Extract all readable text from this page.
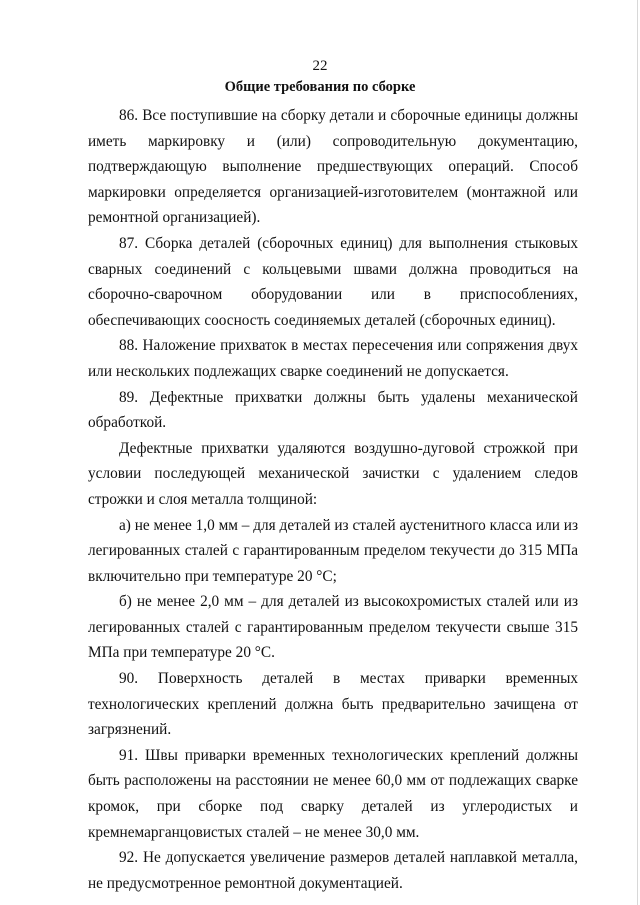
22
Общие требования по сборке

86. Все поступившие на сборку детали и сборочные единицы должны иметь маркировку и (или) сопроводительную документацию, подтверждающую выполнение предшествующих операций. Способ маркировки определяется организацией-изготовителем (монтажной или ремонтной организацией).

87. Сборка деталей (сборочных единиц) для выполнения стыковых сварных соединений с кольцевыми швами должна проводиться на сборочно-сварочном оборудовании или в приспособлениях, обеспечивающих соосность соединяемых деталей (сборочных единиц).

88. Наложение прихваток в местах пересечения или сопряжения двух или нескольких подлежащих сварке соединений не допускается.

89. Дефектные прихватки должны быть удалены механической обработкой.

Дефектные прихватки удаляются воздушно-дуговой строжкой при условии последующей механической зачистки с удалением следов строжки и слоя металла толщиной:

а) не менее 1,0 мм – для деталей из сталей аустенитного класса или из легированных сталей с гарантированным пределом текучести до 315 МПа включительно при температуре 20 °С;

б) не менее 2,0 мм – для деталей из высокохромистых сталей или из легированных сталей с гарантированным пределом текучести свыше 315 МПа при температуре 20 °С.

90. Поверхность деталей в местах приварки временных технологических креплений должна быть предварительно зачищена от загрязнений.

91. Швы приварки временных технологических креплений должны быть расположены на расстоянии не менее 60,0 мм от подлежащих сварке кромок, при сборке под сварку деталей из углеродистых и кремнемарганцовистых сталей – не менее 30,0 мм.

92. Не допускается увеличение размеров деталей наплавкой металла, не предусмотренное ремонтной документацией.
